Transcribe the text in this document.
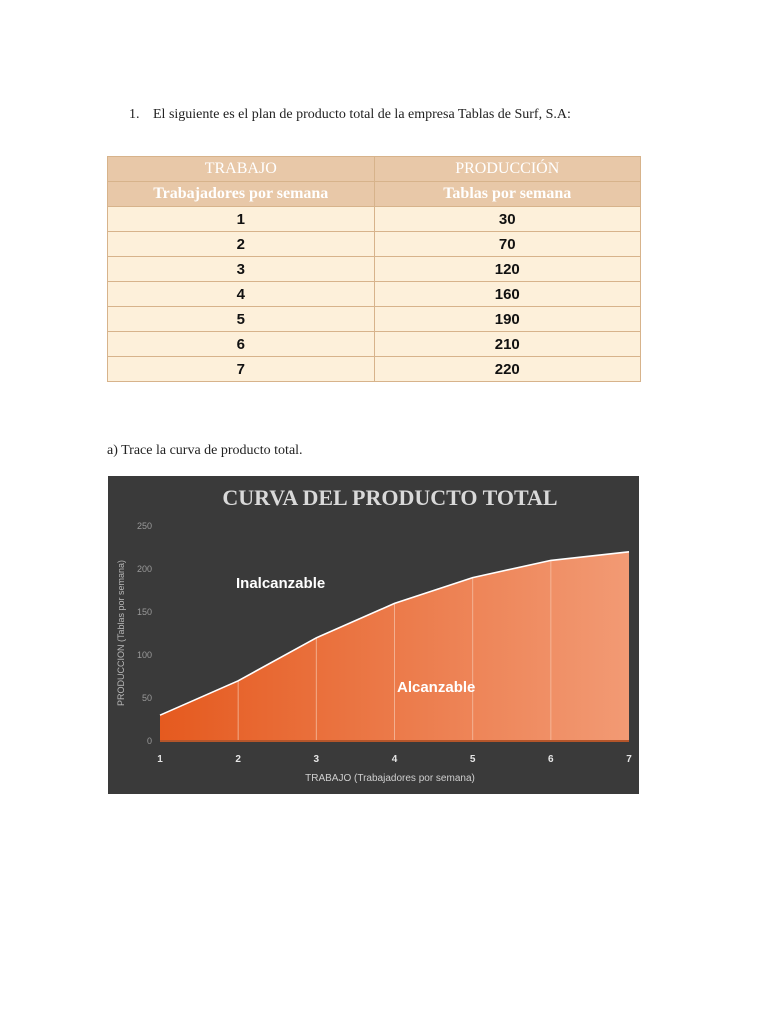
1. El siguiente es el plan de producto total de la empresa Tablas de Surf, S.A:
TRABAJO	PRODUCCIÓN
Trabajadores por semana	Tablas por semana
1	30
2	70
3	120
4	160
5	190
6	210
7	220
a) Trace la curva de producto total.
CURVA DEL PRODUCTO TOTAL
PRODUCCION (Tablas por semana)
TRABAJO (Trabajadores por semana)
0
50
100
150
200
250
1	2	3	4	5	6	7
Inalcanzable
Alcanzable
